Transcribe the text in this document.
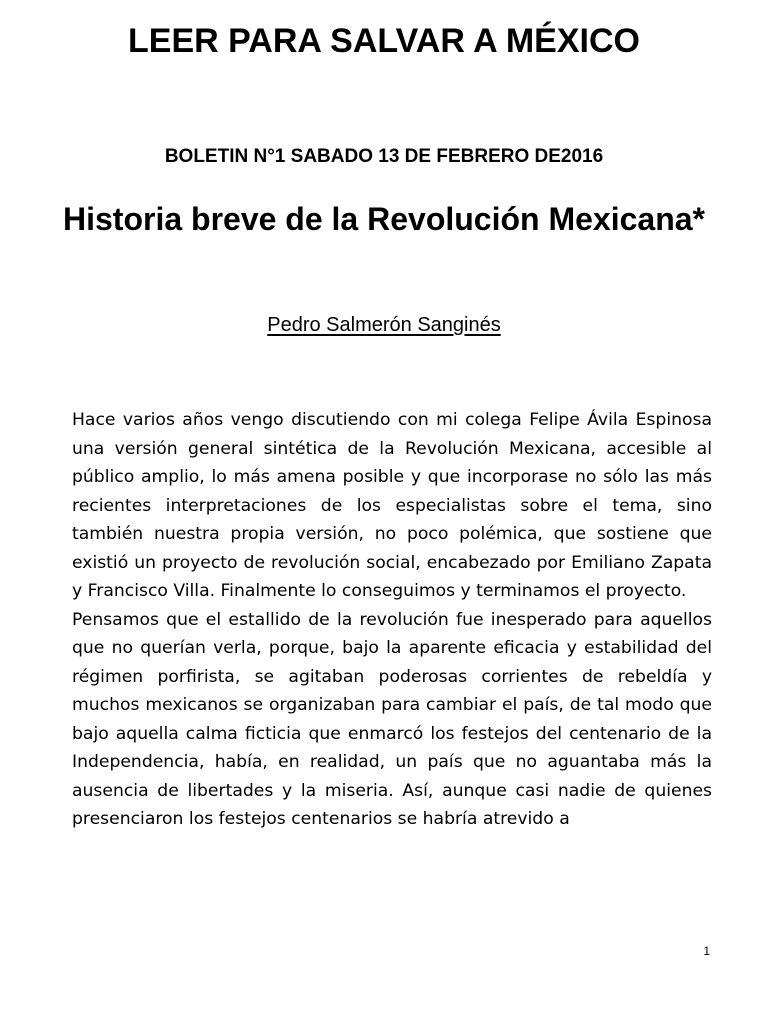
LEER PARA SALVAR A MÉXICO
BOLETIN N°1 SABADO 13 DE FEBRERO DE2016
Historia breve de la Revolución Mexicana*
Pedro Salmerón Sanginés

Hace varios años vengo discutiendo con mi colega Felipe Ávila Espinosa una versión general sintética de la Revolución Mexicana, accesible al público amplio, lo más amena posible y que incorporase no sólo las más recientes interpretaciones de los especialistas sobre el tema, sino también nuestra propia versión, no poco polémica, que sostiene que existió un proyecto de revolución social, encabezado por Emiliano Zapata y Francisco Villa. Finalmente lo conseguimos y terminamos el proyecto.

Pensamos que el estallido de la revolución fue inesperado para aquellos que no querían verla, porque, bajo la aparente eficacia y estabilidad del régimen porfirista, se agitaban poderosas corrientes de rebeldía y muchos mexicanos se organizaban para cambiar el país, de tal modo que bajo aquella calma ficticia que enmarcó los festejos del centenario de la Independencia, había, en realidad, un país que no aguantaba más la ausencia de libertades y la miseria. Así, aunque casi nadie de quienes presenciaron los festejos centenarios se habría atrevido a

1
